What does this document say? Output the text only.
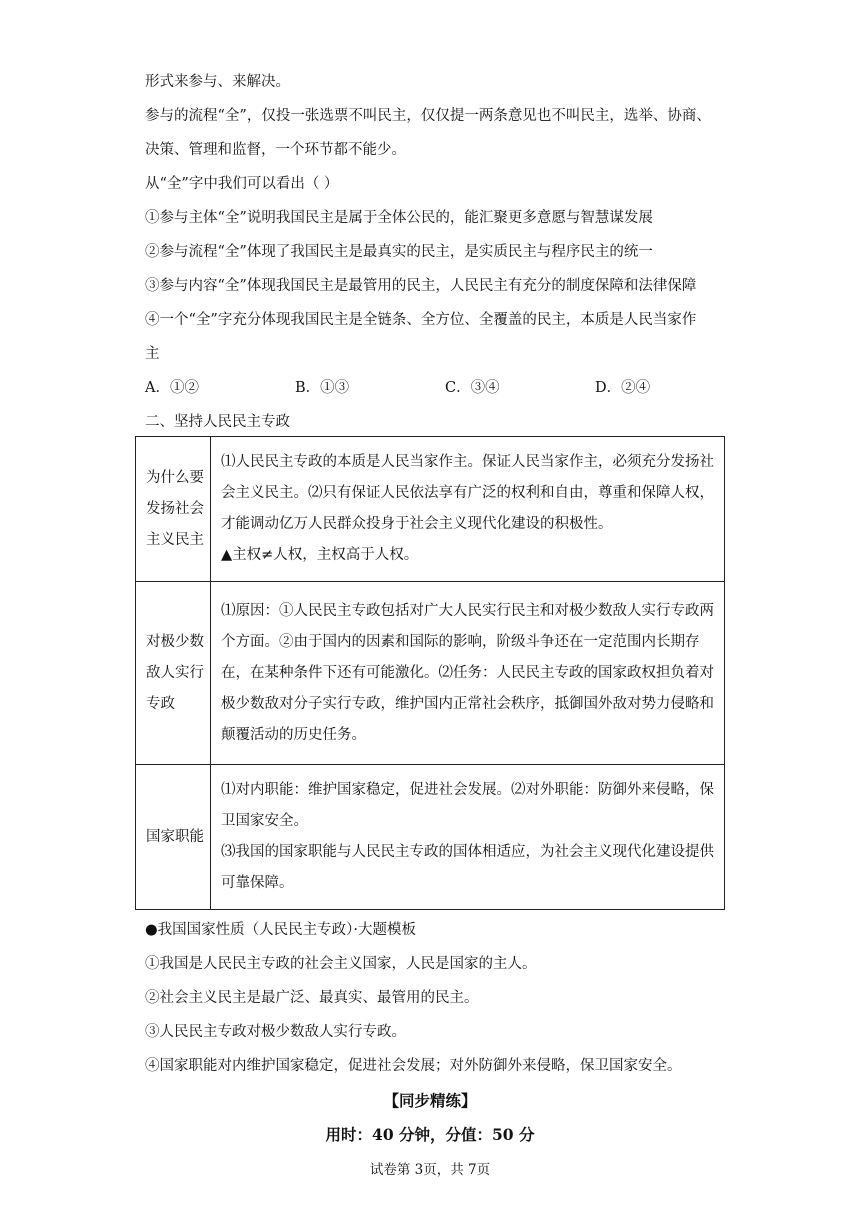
形式来参与、来解决。
参与的流程“全”，仅投一张选票不叫民主，仅仅提一两条意见也不叫民主，选举、协商、
决策、管理和监督，一个环节都不能少。
从“全”字中我们可以看出（ ）
①参与主体“全”说明我国民主是属于全体公民的，能汇聚更多意愿与智慧谋发展
②参与流程“全”体现了我国民主是最真实的民主，是实质民主与程序民主的统一
③参与内容“全”体现我国民主是最管用的民主，人民民主有充分的制度保障和法律保障
④一个“全”字充分体现我国民主是全链条、全方位、全覆盖的民主，本质是人民当家作
主
A．①②	B．①③	C．③④	D．②④
二、坚持人民民主专政
为什么要发扬社会主义民主	⑴人民民主专政的本质是人民当家作主。保证人民当家作主，必须充分发扬社会主义民主。⑵只有保证人民依法享有广泛的权利和自由，尊重和保障人权，才能调动亿万人民群众投身于社会主义现代化建设的积极性。
▲主权≠人权，主权高于人权。

对极少数敌人实行专政	⑴原因：①人民民主专政包括对广大人民实行民主和对极少数敌人实行专政两个方面。②由于国内的因素和国际的影响，阶级斗争还在一定范围内长期存在，在某种条件下还有可能激化。⑵任务：人民民主专政的国家政权担负着对极少数敌对分子实行专政，维护国内正常社会秩序，抵御国外敌对势力侵略和颠覆活动的历史任务。

国家职能	⑴对内职能：维护国家稳定，促进社会发展。⑵对外职能：防御外来侵略，保卫国家安全。
⑶我国的国家职能与人民民主专政的国体相适应，为社会主义现代化建设提供可靠保障。
●我国国家性质（人民民主专政）·大题模板
①我国是人民民主专政的社会主义国家，人民是国家的主人。
②社会主义民主是最广泛、最真实、最管用的民主。
③人民民主专政对极少数敌人实行专政。
④国家职能对内维护国家稳定，促进社会发展；对外防御外来侵略，保卫国家安全。
【同步精练】
用时：40 分钟，分值：50 分
试卷第 3页，共 7页
